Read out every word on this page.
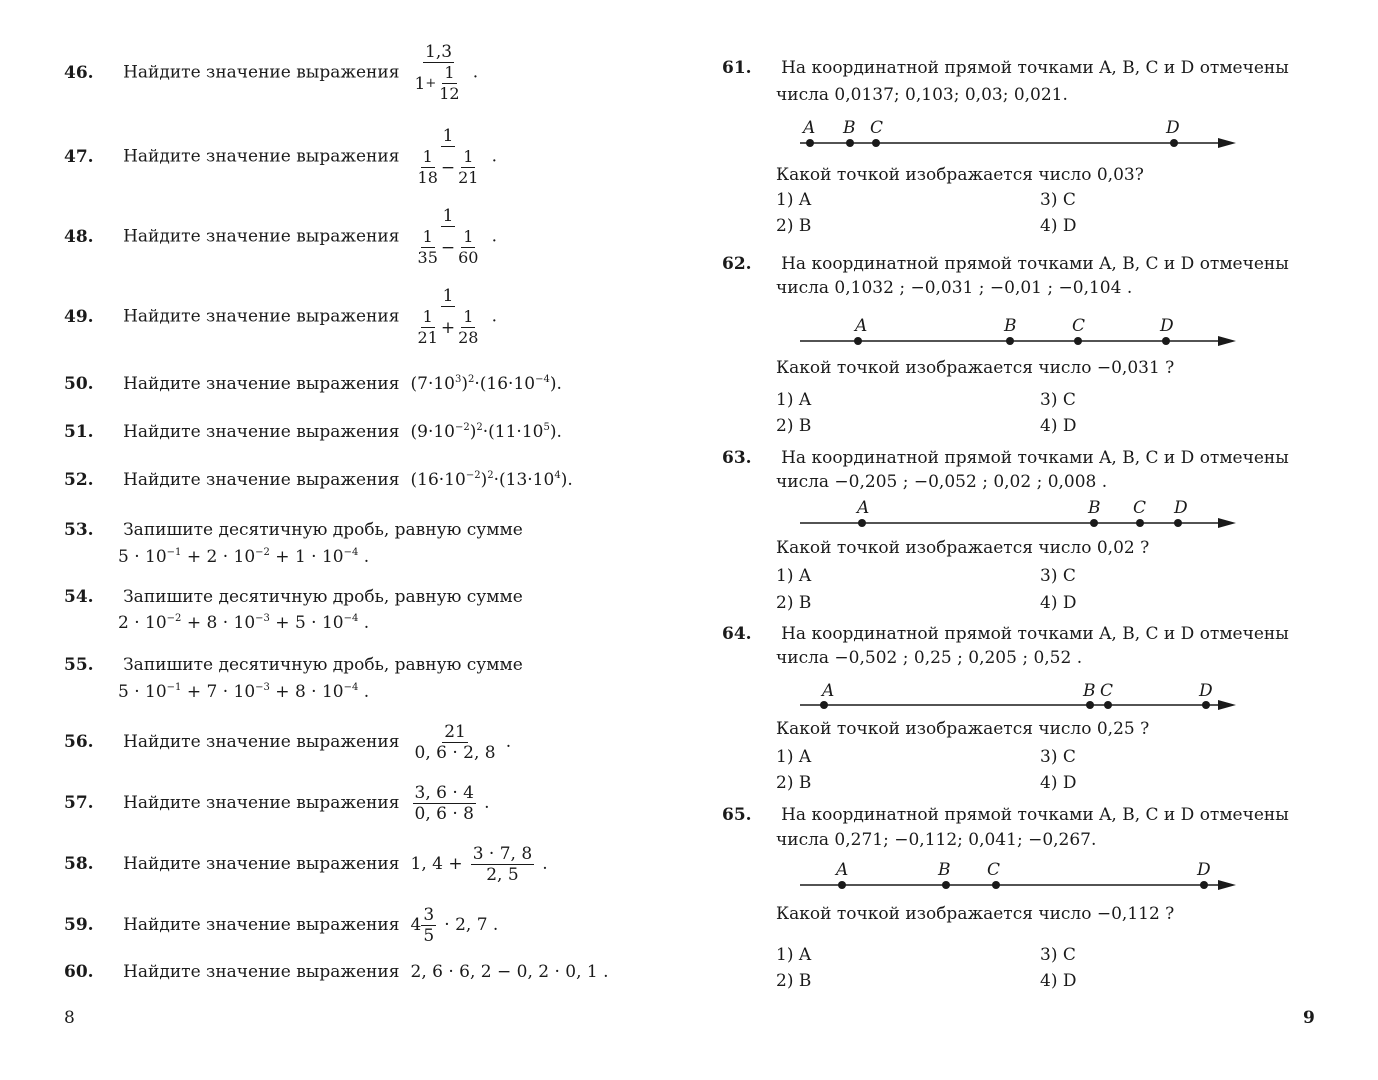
46. Найдите значение выражения $\frac{1,3}{1 + \frac{1}{12}}$ .
47. Найдите значение выражения $\frac{1}{\frac{1}{18} - \frac{1}{21}}$ .
48. Найдите значение выражения $\frac{1}{\frac{1}{35} - \frac{1}{60}}$ .
49. Найдите значение выражения $\frac{1}{\frac{1}{21} + \frac{1}{28}}$ .
50. Найдите значение выражения $(7\cdot 10^3)^2\cdot(16\cdot 10^{-4})$.
51. Найдите значение выражения $(9\cdot 10^{-2})^2\cdot(11\cdot 10^5)$.
52. Найдите значение выражения $(16\cdot 10^{-2})^2\cdot(13\cdot 10^4)$.
53. Запишите десятичную дробь, равную сумме
$5 \cdot 10^{-1} + 2 \cdot 10^{-2} + 1 \cdot 10^{-4}$ .
54. Запишите десятичную дробь, равную сумме
$2 \cdot 10^{-2} + 8 \cdot 10^{-3} + 5 \cdot 10^{-4}$ .
55. Запишите десятичную дробь, равную сумме
$5 \cdot 10^{-1} + 7 \cdot 10^{-3} + 8 \cdot 10^{-4}$ .
56. Найдите значение выражения $\frac{21}{0, 6 \cdot 2, 8}$ .
57. Найдите значение выражения $\frac{3, 6 \cdot 4}{0, 6 \cdot 8}$ .
58. Найдите значение выражения 1, $4 + \frac{3 \cdot 7, 8}{2, 5}$ .
59. Найдите значение выражения $4 \frac{3}{5} \cdot 2$, 7 .
60. Найдите значение выражения 2, 6 · 6, 2 − 0, 2 · 0, 1 .
8
61. На координатной прямой точками A, B, C и D отмечены
числа 0,0137; 0,103; 0,03; 0,021.
A B C	D
Какой точкой изображается число 0,03?
1) A
2) B
3) C
4) D
62. На координатной прямой точками A, B, C и D отмечены
числа 0,1032 ; −0,031 ; −0,01 ; −0,104 .
A	B	C	D
Какой точкой изображается число −0,031 ?
1) A
2) B
3) C
4) D
63. На координатной прямой точками A, B, C и D отмечены
числа −0,205 ; −0,052 ; 0,02 ; 0,008 .
A	B C D
Какой точкой изображается число 0,02 ?
1) A
2) B
3) C
4) D
64. На координатной прямой точками A, B, C и D отмечены
числа −0,502 ; 0,25 ; 0,205 ; 0,52 .
A	B C	D
Какой точкой изображается число 0,25 ?
1) A
2) B
3) C
4) D
65. На координатной прямой точками A, B, C и D отмечены
числа 0,271; −0,112; 0,041; −0,267.
A	B C	D
Какой точкой изображается число −0,112 ?
1) A
2) B
3) C
4) D
9
